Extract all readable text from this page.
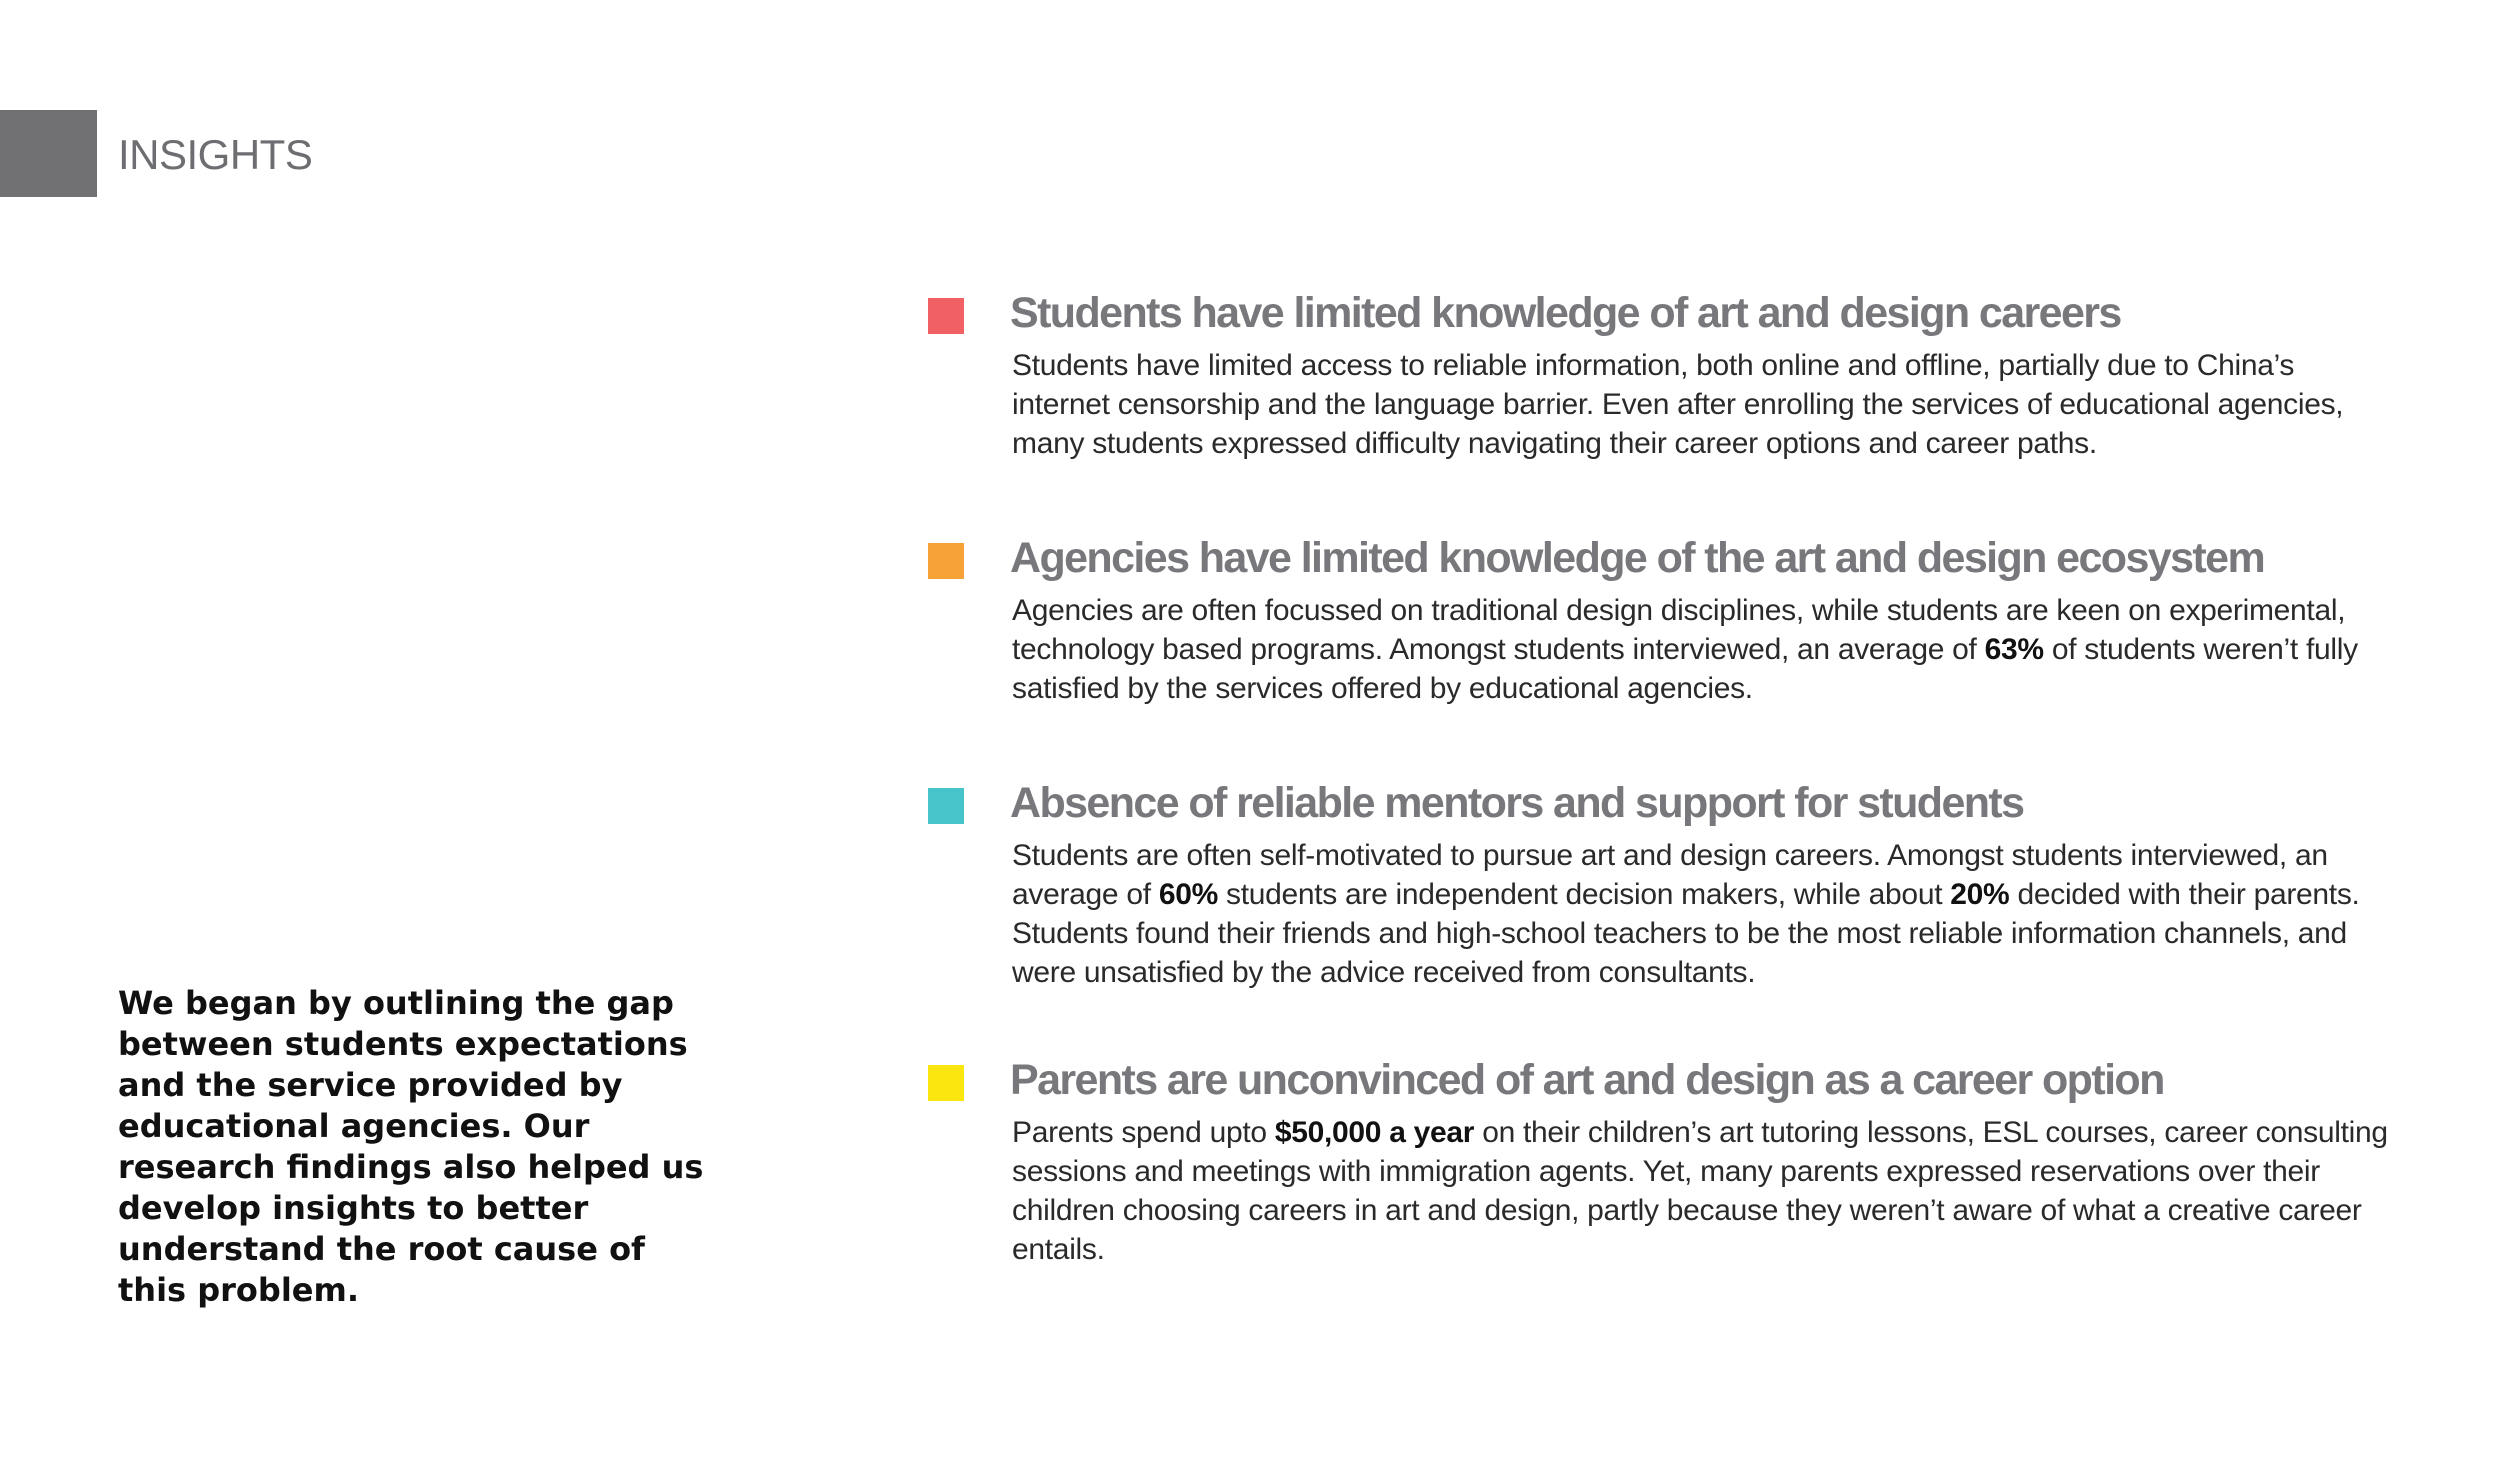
INSIGHTS
We began by outlining the gap between students expectations and the service provided by educational agencies. Our research findings also helped us develop insights to better understand the root cause of this problem.
Students have limited knowledge of art and design careers
Students have limited access to reliable information, both online and offline, partially due to China’s internet censorship and the language barrier. Even after enrolling the services of educational agencies, many students expressed difficulty navigating their career options and career paths.
Agencies have limited knowledge of the art and design ecosystem
Agencies are often focussed on traditional design disciplines, while students are keen on experimental, technology based programs. Amongst students interviewed, an average of 63% of students weren’t fully satisfied by the services offered by educational agencies.
Absence of reliable mentors and support for students
Students are often self-motivated to pursue art and design careers. Amongst students interviewed, an average of 60% students are independent decision makers, while about 20% decided with their parents. Students found their friends and high-school teachers to be the most reliable information channels, and were unsatisfied by the advice received from consultants.
Parents are unconvinced of art and design as a career option
Parents spend upto $50,000 a year on their children’s art tutoring lessons, ESL courses, career consulting sessions and meetings with immigration agents. Yet, many parents expressed reservations over their children choosing careers in art and design, partly because they weren’t aware of what a creative career entails.
